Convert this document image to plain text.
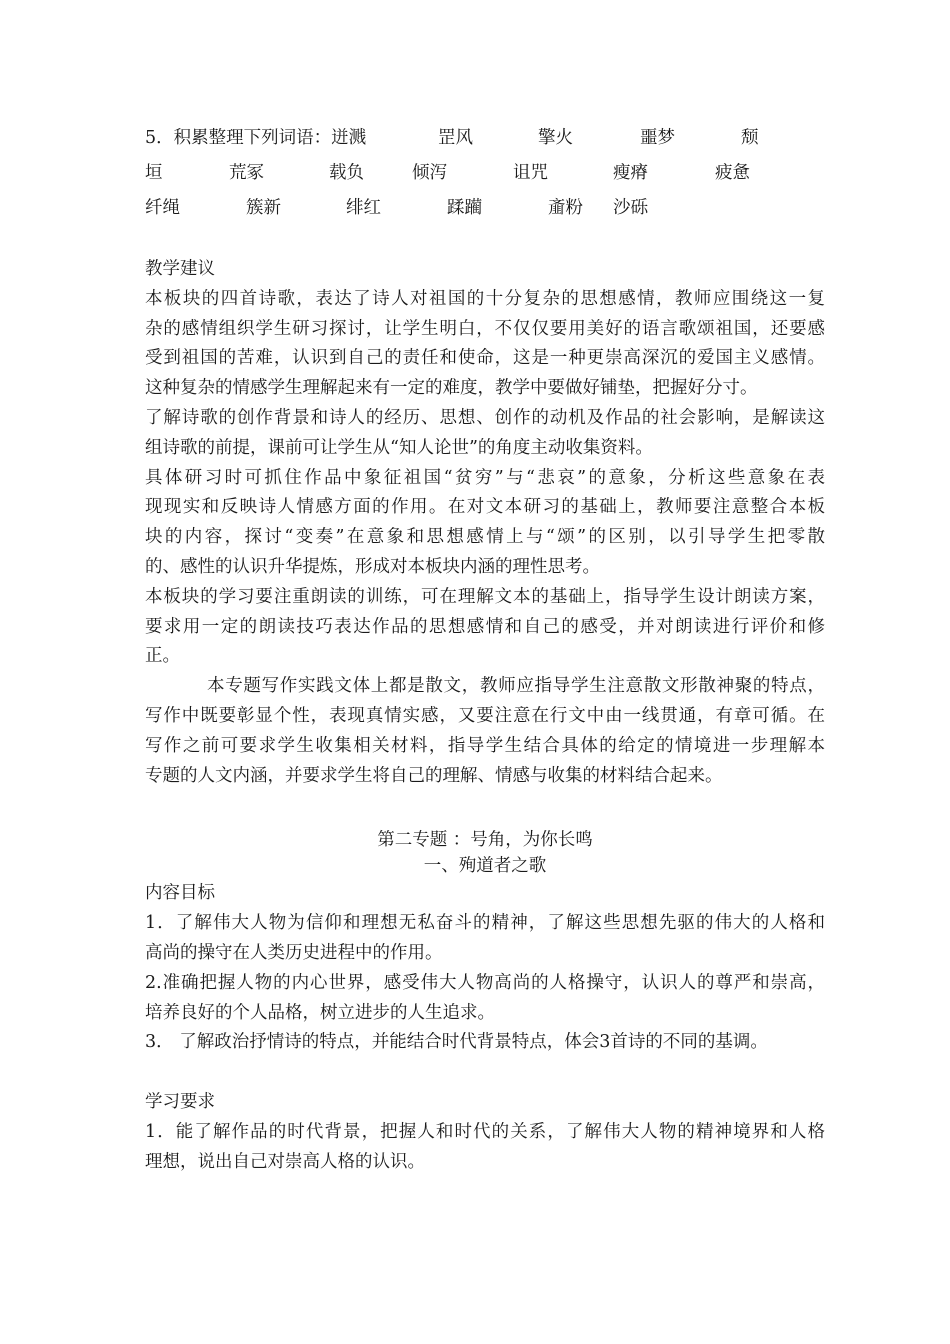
5．积累整理下列词语：迸溅	罡风	擎火	噩梦	颓
垣	荒冢	载负	倾泻	诅咒	瘦瘠	疲惫
纤绳	簇新	绯红	蹂躏	齑粉 沙砾
教学建议
本板块的四首诗歌，表达了诗人对祖国的十分复杂的思想感情，教师应围绕这一复
杂的感情组织学生研习探讨，让学生明白，不仅仅要用美好的语言歌颂祖国，还要感
受到祖国的苦难，认识到自己的责任和使命，这是一种更崇高深沉的爱国主义感情。
这种复杂的情感学生理解起来有一定的难度，教学中要做好铺垫，把握好分寸。
了解诗歌的创作背景和诗人的经历、思想、创作的动机及作品的社会影响，是解读这
组诗歌的前提，课前可让学生从“知人论世”的角度主动收集资料。
具体研习时可抓住作品中象征祖国“贫穷”与“悲哀”的意象，分析这些意象在表
现现实和反映诗人情感方面的作用。在对文本研习的基础上，教师要注意整合本板
块的内容，探讨“变奏”在意象和思想感情上与“颂”的区别，以引导学生把零散
的、感性的认识升华提炼，形成对本板块内涵的理性思考。
本板块的学习要注重朗读的训练，可在理解文本的基础上，指导学生设计朗读方案，
要求用一定的朗读技巧表达作品的思想感情和自己的感受，并对朗读进行评价和修
正。
本专题写作实践文体上都是散文，教师应指导学生注意散文形散神聚的特点，
写作中既要彰显个性，表现真情实感，又要注意在行文中由一线贯通，有章可循。在
写作之前可要求学生收集相关材料，指导学生结合具体的给定的情境进一步理解本
专题的人文内涵，并要求学生将自己的理解、情感与收集的材料结合起来。
第二专题 ：号角，为你长鸣
一、殉道者之歌
内容目标
1．了解伟大人物为信仰和理想无私奋斗的精神，了解这些思想先驱的伟大的人格和
高尚的操守在人类历史进程中的作用。
2.准确把握人物的内心世界，感受伟大人物高尚的人格操守，认识人的尊严和崇高，
培养良好的个人品格，树立进步的人生追求。
3． 了解政治抒情诗的特点，并能结合时代背景特点，体会3首诗的不同的基调。
学习要求
1．能了解作品的时代背景，把握人和时代的关系，了解伟大人物的精神境界和人格
理想，说出自己对崇高人格的认识。
